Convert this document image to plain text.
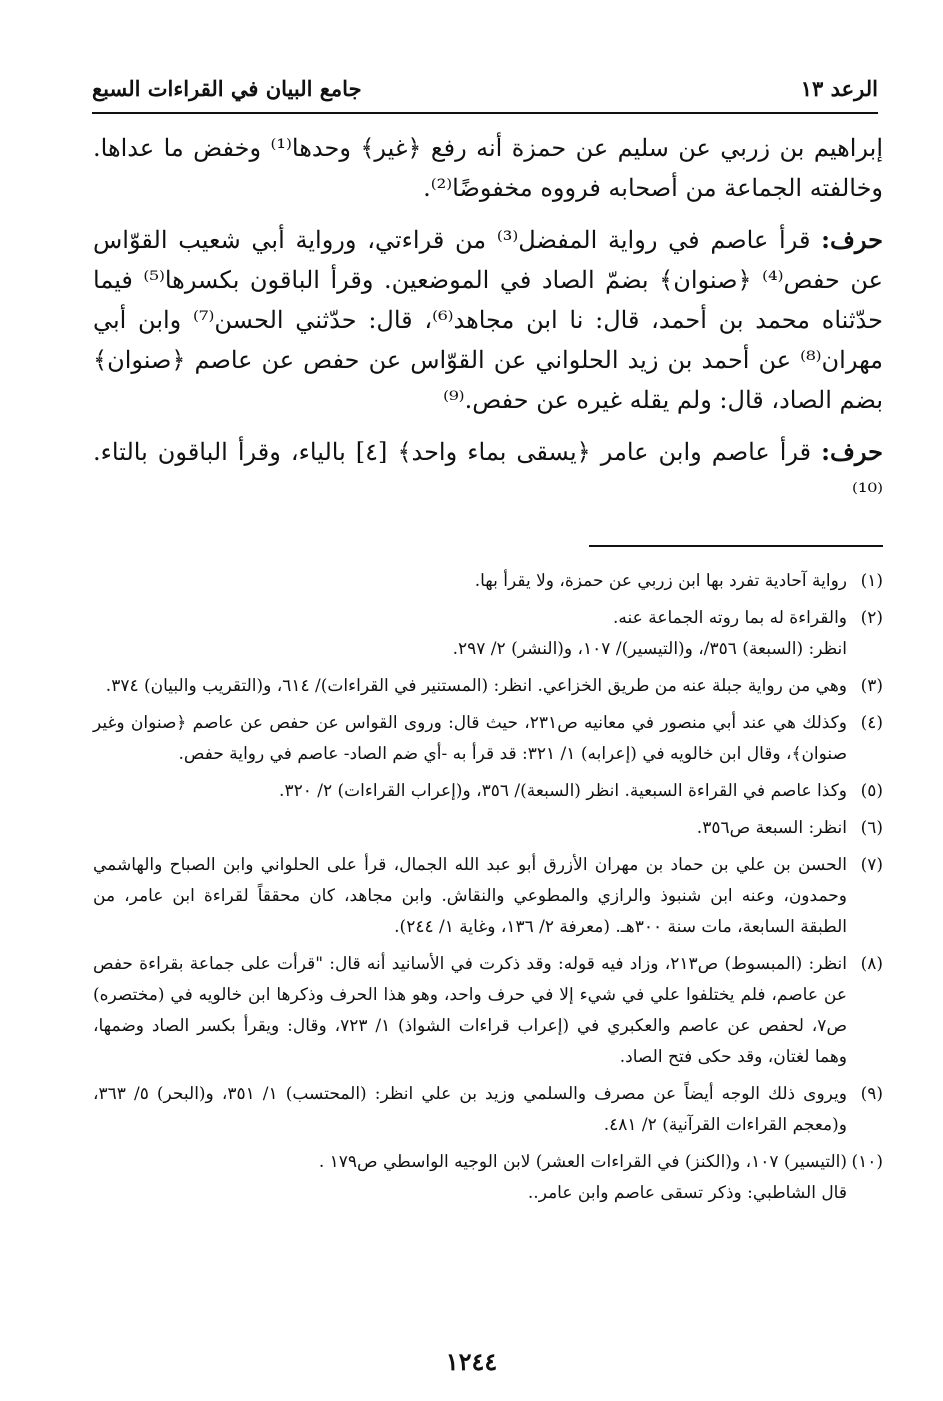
الرعد ١٣
جامع البيان في القراءات السبع

إبراهيم بن زربي عن سليم عن حمزة أنه رفع ﴿غير﴾ وحدها⁽¹⁾ وخفض ما عداها. وخالفته الجماعة من أصحابه فرووه مخفوضًا⁽²⁾.

حرف: قرأ عاصم في رواية المفضل⁽³⁾ من قراءتي، ورواية أبي شعيب القوّاس عن حفص⁽⁴⁾ ﴿صنوان﴾ بضمّ الصاد في الموضعين. وقرأ الباقون بكسرها⁽⁵⁾ فيما حدّثناه محمد بن أحمد، قال: نا ابن مجاهد⁽⁶⁾، قال: حدّثني الحسن⁽⁷⁾ وابن أبي مهران⁽⁸⁾ عن أحمد بن زيد الحلواني عن القوّاس عن حفص عن عاصم ﴿صنوان﴾ بضم الصاد، قال: ولم يقله غيره عن حفص.⁽⁹⁾

حرف: قرأ عاصم وابن عامر ﴿يسقى بماء واحد﴾ [٤] بالياء، وقرأ الباقون بالتاء.⁽¹⁰⁾

(١)
رواية آحادية تفرد بها ابن زربي عن حمزة، ولا يقرأ بها.
(٢)
والقراءة له بما روته الجماعة عنه.
انظر: (السبعة) ٣٥٦/، و(التيسير)/ ١٠٧، و(النشر) ٢/ ٢٩٧.
(٣)
وهي من رواية جبلة عنه من طريق الخزاعي. انظر: (المستنير في القراءات)/ ٦١٤، و(التقريب والبيان) ٣٧٤.
(٤)
وكذلك هي عند أبي منصور في معانيه ص٢٣١، حيث قال: وروى القواس عن حفص عن عاصم ﴿صنوان وغير صنوان﴾، وقال ابن خالويه في (إعرابه) ١/ ٣٢١: قد قرأ به -أي ضم الصاد- عاصم في رواية حفص.
(٥)
وكذا عاصم في القراءة السبعية. انظر (السبعة)/ ٣٥٦، و(إعراب القراءات) ٢/ ٣٢٠.
(٦)
انظر: السبعة ص٣٥٦.
(٧)
الحسن بن علي بن حماد بن مهران الأزرق أبو عبد الله الجمال، قرأ على الحلواني وابن الصباح والهاشمي وحمدون، وعنه ابن شنبوذ والرازي والمطوعي والنقاش. وابن مجاهد، كان محققاً لقراءة ابن عامر، من الطبقة السابعة، مات سنة ٣٠٠هـ. (معرفة ٢/ ١٣٦، وغاية ١/ ٢٤٤).
(٨)
انظر: (المبسوط) ص٢١٣، وزاد فيه قوله: وقد ذكرت في الأسانيد أنه قال: "قرأت على جماعة بقراءة حفص عن عاصم، فلم يختلفوا علي في شيء إلا في حرف واحد، وهو هذا الحرف وذكرها ابن خالويه في (مختصره) ص٧، لحفص عن عاصم والعكبري في (إعراب قراءات الشواذ) ١/ ٧٢٣، وقال: ويقرأ بكسر الصاد وضمها، وهما لغتان، وقد حكى فتح الصاد.
(٩)
ويروى ذلك الوجه أيضاً عن مصرف والسلمي وزيد بن علي انظر: (المحتسب) ١/ ٣٥١، و(البحر) ٥/ ٣٦٣، و(معجم القراءات القرآنية) ٢/ ٤٨١.
(١٠)
(التيسير) ١٠٧، و(الكنز) في القراءات العشر) لابن الوجيه الواسطي ص١٧٩ .
قال الشاطبي: وذكر تسقى عاصم وابن عامر..
١٢٤٤
